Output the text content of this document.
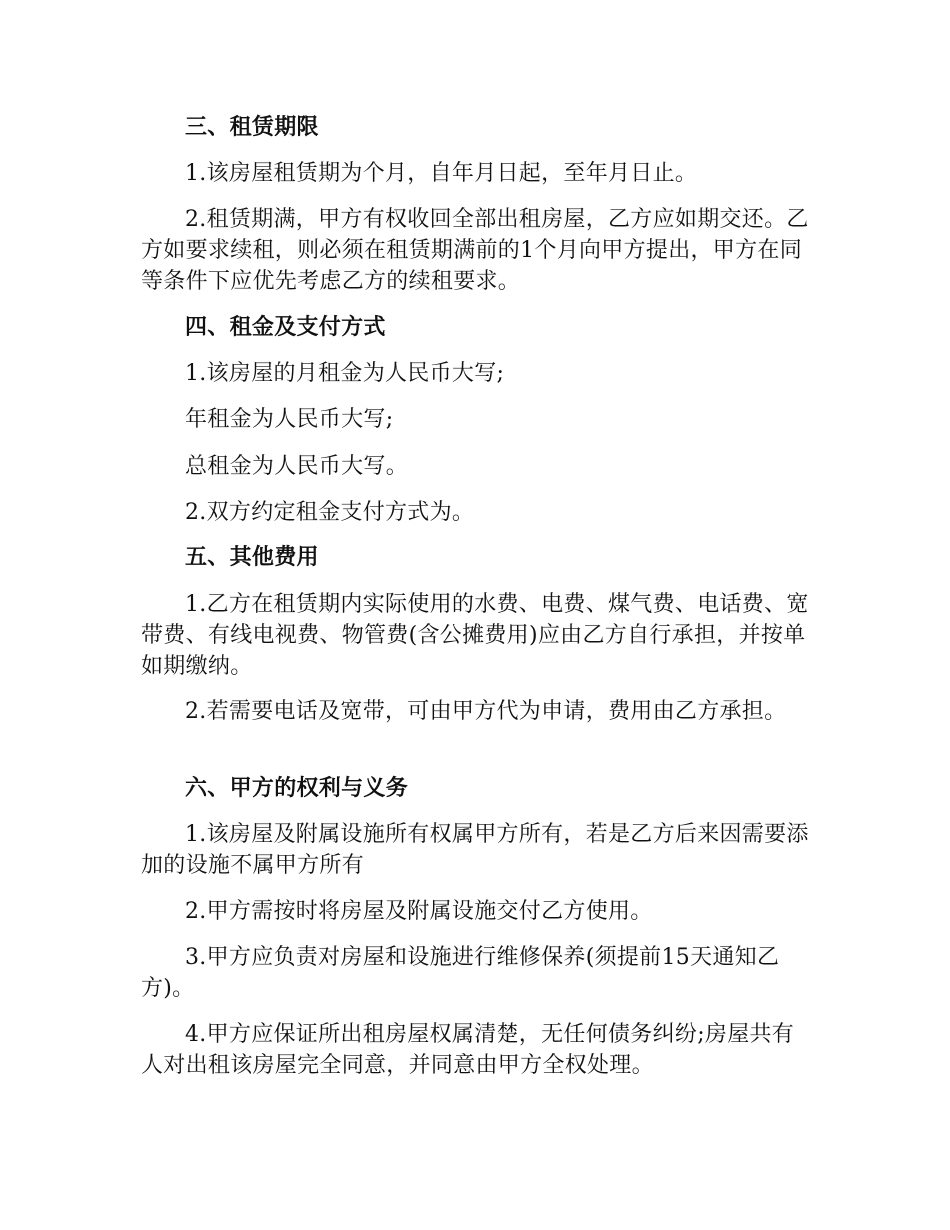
三、租赁期限

1.该房屋租赁期为个月，自年月日起，至年月日止。

2.租赁期满，甲方有权收回全部出租房屋，乙方应如期交还。乙方如要求续租，则必须在租赁期满前的1个月向甲方提出，甲方在同等条件下应优先考虑乙方的续租要求。

四、租金及支付方式

1.该房屋的月租金为人民币大写;

年租金为人民币大写;

总租金为人民币大写。

2.双方约定租金支付方式为。

五、其他费用

1.乙方在租赁期内实际使用的水费、电费、煤气费、电话费、宽带费、有线电视费、物管费(含公摊费用)应由乙方自行承担，并按单如期缴纳。

2.若需要电话及宽带，可由甲方代为申请，费用由乙方承担。

六、甲方的权利与义务

1.该房屋及附属设施所有权属甲方所有，若是乙方后来因需要添加的设施不属甲方所有

2.甲方需按时将房屋及附属设施交付乙方使用。

3.甲方应负责对房屋和设施进行维修保养(须提前15天通知乙方)。

4.甲方应保证所出租房屋权属清楚，无任何债务纠纷;房屋共有人对出租该房屋完全同意，并同意由甲方全权处理。
